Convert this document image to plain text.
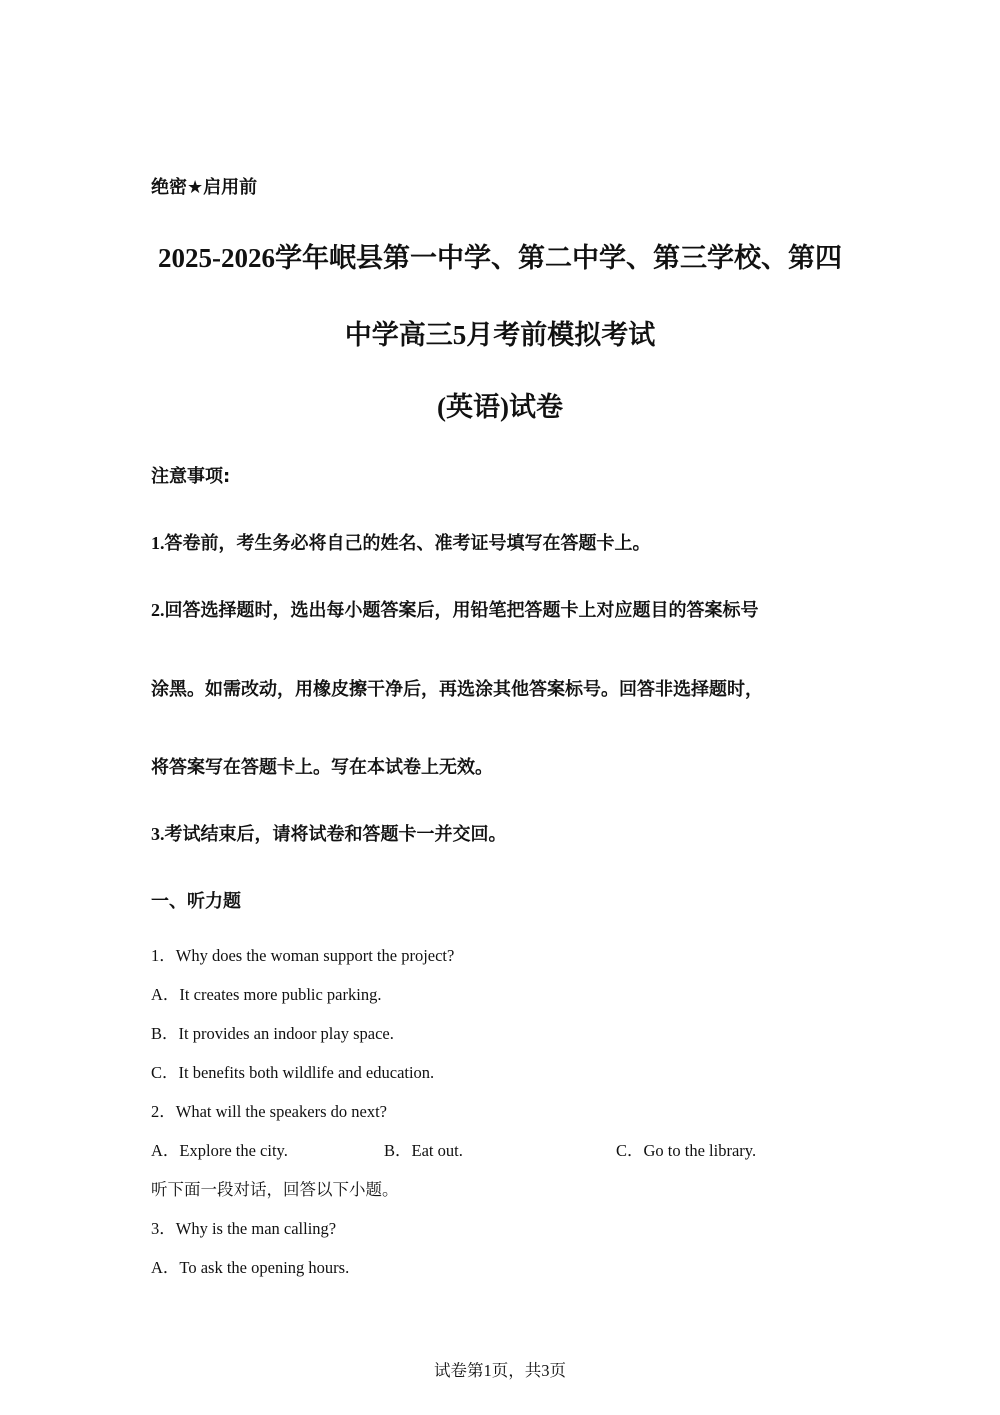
绝密★启用前
2025-2026学年岷县第一中学、第二中学、第三学校、第四
中学高三5月考前模拟考试
(英语)试卷
注意事项:
1.答卷前，考生务必将自己的姓名、准考证号填写在答题卡上。
2.回答选择题时，选出每小题答案后，用铅笔把答题卡上对应题目的答案标号
涂黑。如需改动，用橡皮擦干净后，再选涂其他答案标号。回答非选择题时，
将答案写在答题卡上。写在本试卷上无效。
3.考试结束后，请将试卷和答题卡一并交回。
一、听力题
1．Why does the woman support the project?
A．It creates more public parking.
B．It provides an indoor play space.
C．It benefits both wildlife and education.
2．What will the speakers do next?
A．Explore the city.	B．Eat out.	C．Go to the library.
听下面一段对话，回答以下小题。
3．Why is the man calling?
A．To ask the opening hours.
试卷第1页，共3页
